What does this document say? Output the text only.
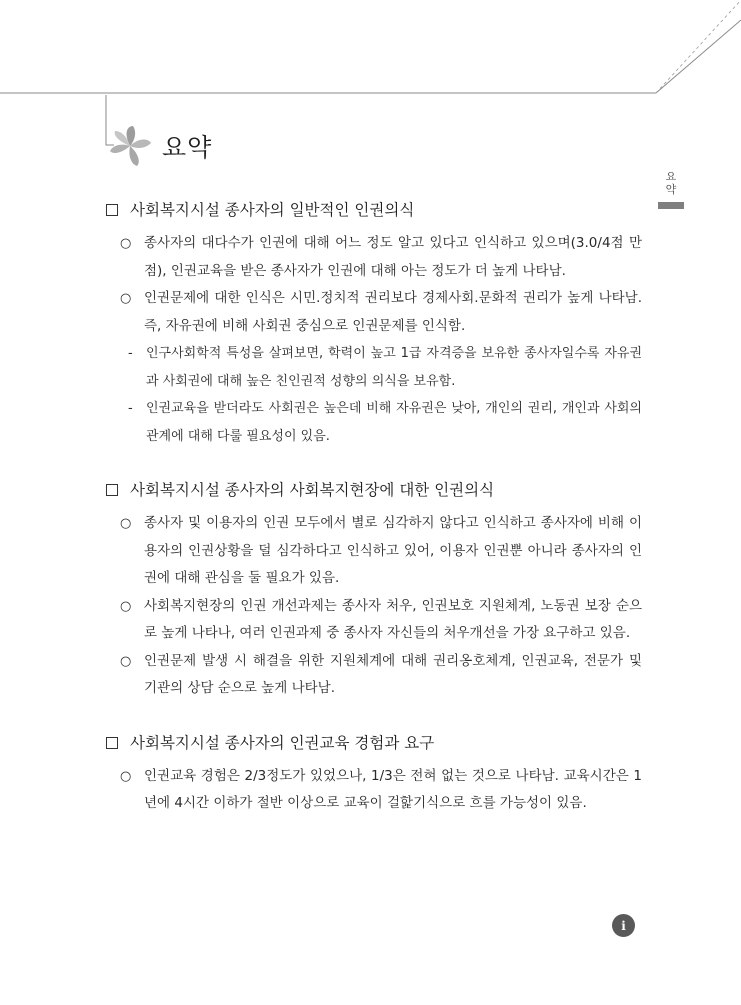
요약
요
약
사회복지시설 종사자의 일반적인 인권의식
○ 종사자의 대다수가 인권에 대해 어느 정도 알고 있다고 인식하고 있으며(3.0/4점 만점), 인권교육을 받은 종사자가 인권에 대해 아는 정도가 더 높게 나타남.
○ 인권문제에 대한 인식은 시민.정치적 권리보다 경제사회.문화적 권리가 높게 나타남. 즉, 자유권에 비해 사회권 중심으로 인권문제를 인식함.
-	인구사회학적 특성을 살펴보면, 학력이 높고 1급 자격증을 보유한 종사자일수록 자유권과 사회권에 대해 높은 친인권적 성향의 의식을 보유함.
-	인권교육을 받더라도 사회권은 높은데 비해 자유권은 낮아, 개인의 권리, 개인과 사회의 관계에 대해 다룰 필요성이 있음.
사회복지시설 종사자의 사회복지현장에 대한 인권의식
○ 종사자 및 이용자의 인권 모두에서 별로 심각하지 않다고 인식하고 종사자에 비해 이용자의 인권상황을 덜 심각하다고 인식하고 있어, 이용자 인권뿐 아니라 종사자의 인권에 대해 관심을 둘 필요가 있음.
○ 사회복지현장의 인권 개선과제는 종사자 처우, 인권보호 지원체계, 노동권 보장 순으로 높게 나타나, 여러 인권과제 중 종사자 자신들의 처우개선을 가장 요구하고 있음.
○ 인권문제 발생 시 해결을 위한 지원체계에 대해 권리옹호체계, 인권교육, 전문가 및 기관의 상담 순으로 높게 나타남.
사회복지시설 종사자의 인권교육 경험과 요구
○ 인권교육 경험은 2/3정도가 있었으나, 1/3은 전혀 없는 것으로 나타남. 교육시간은 1년에 4시간 이하가 절반 이상으로 교육이 걸핥기식으로 흐를 가능성이 있음.
i
